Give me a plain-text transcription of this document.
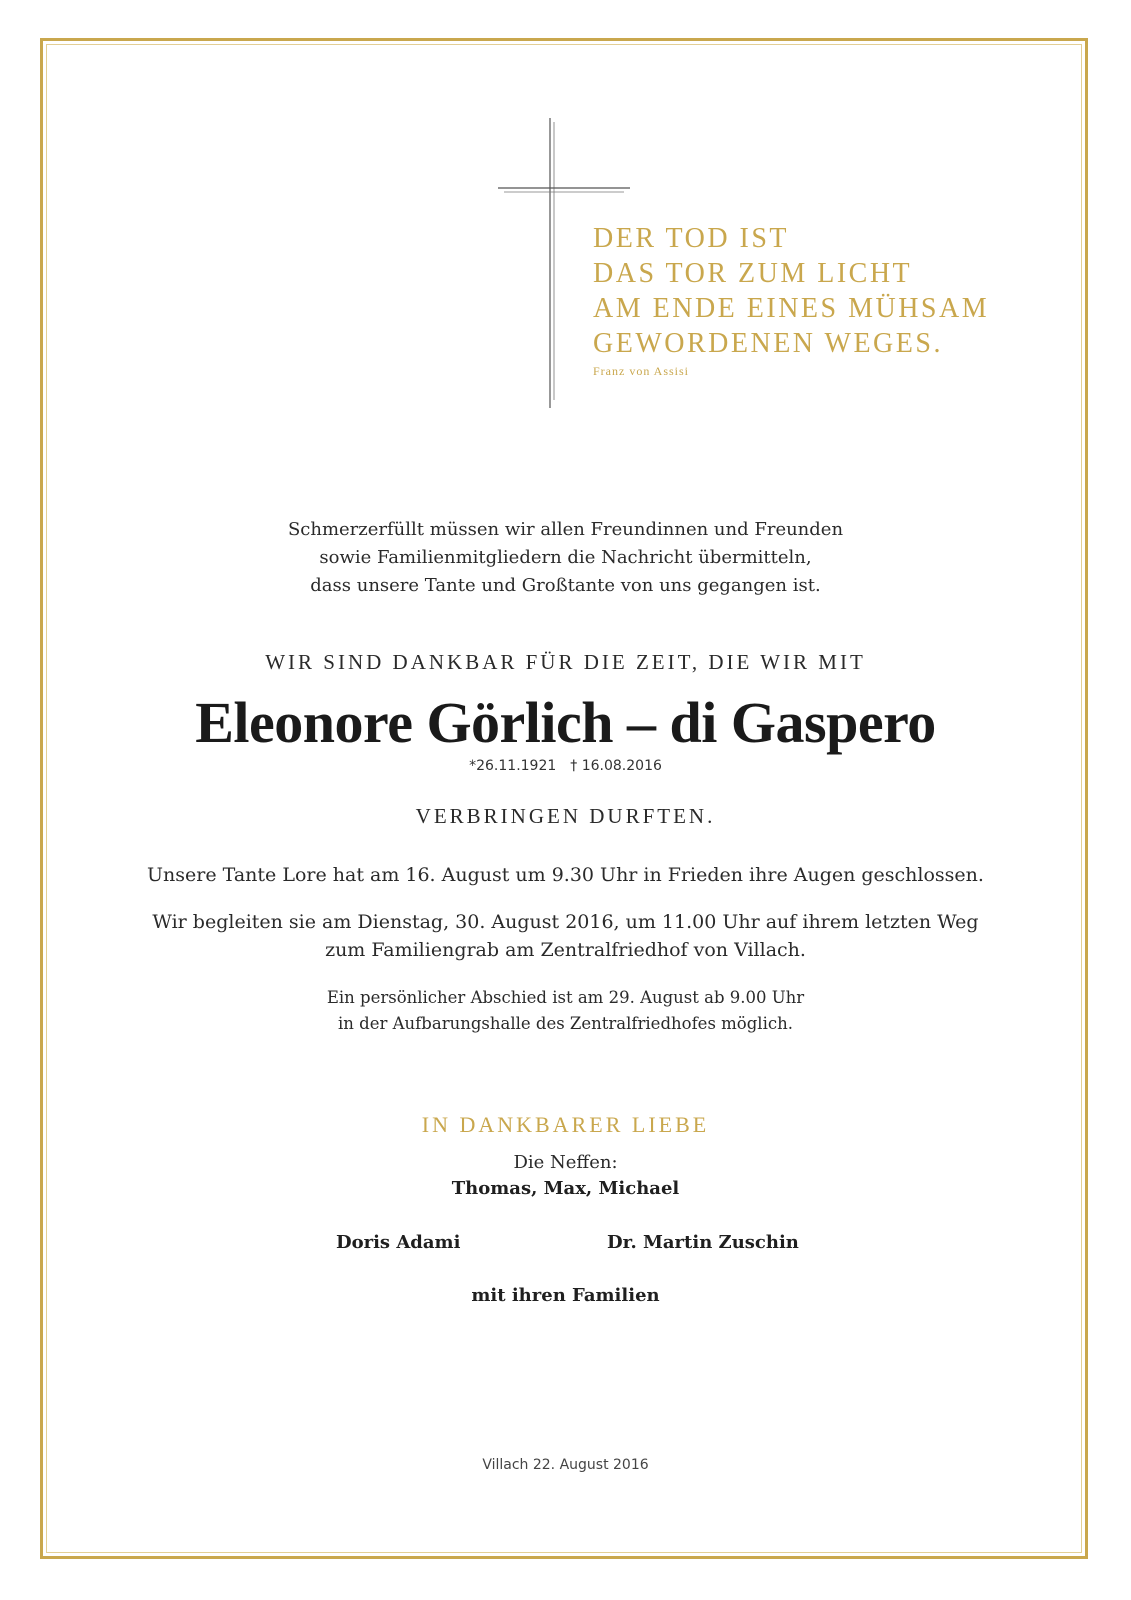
DER TOD IST
DAS TOR ZUM LICHT
AM ENDE EINES MÜHSAM
GEWORDENEN WEGES.
Franz von Assisi
Schmerzerfüllt müssen wir allen Freundinnen und Freunden
sowie Familienmitgliedern die Nachricht übermitteln,
dass unsere Tante und Großtante von uns gegangen ist.
WIR SIND DANKBAR FÜR DIE ZEIT, DIE WIR MIT
Eleonore Görlich – di Gaspero
*26.11.1921 † 16.08.2016
VERBRINGEN DURFTEN.
Unsere Tante Lore hat am 16. August um 9.30 Uhr in Frieden ihre Augen geschlossen.
Wir begleiten sie am Dienstag, 30. August 2016, um 11.00 Uhr auf ihrem letzten Weg
zum Familiengrab am Zentralfriedhof von Villach.
Ein persönlicher Abschied ist am 29. August ab 9.00 Uhr
in der Aufbarungshalle des Zentralfriedhofes möglich.
IN DANKBARER LIEBE
Die Neffen:
Thomas, Max, Michael
Doris Adami	Dr. Martin Zuschin
mit ihren Familien
Villach 22. August 2016
